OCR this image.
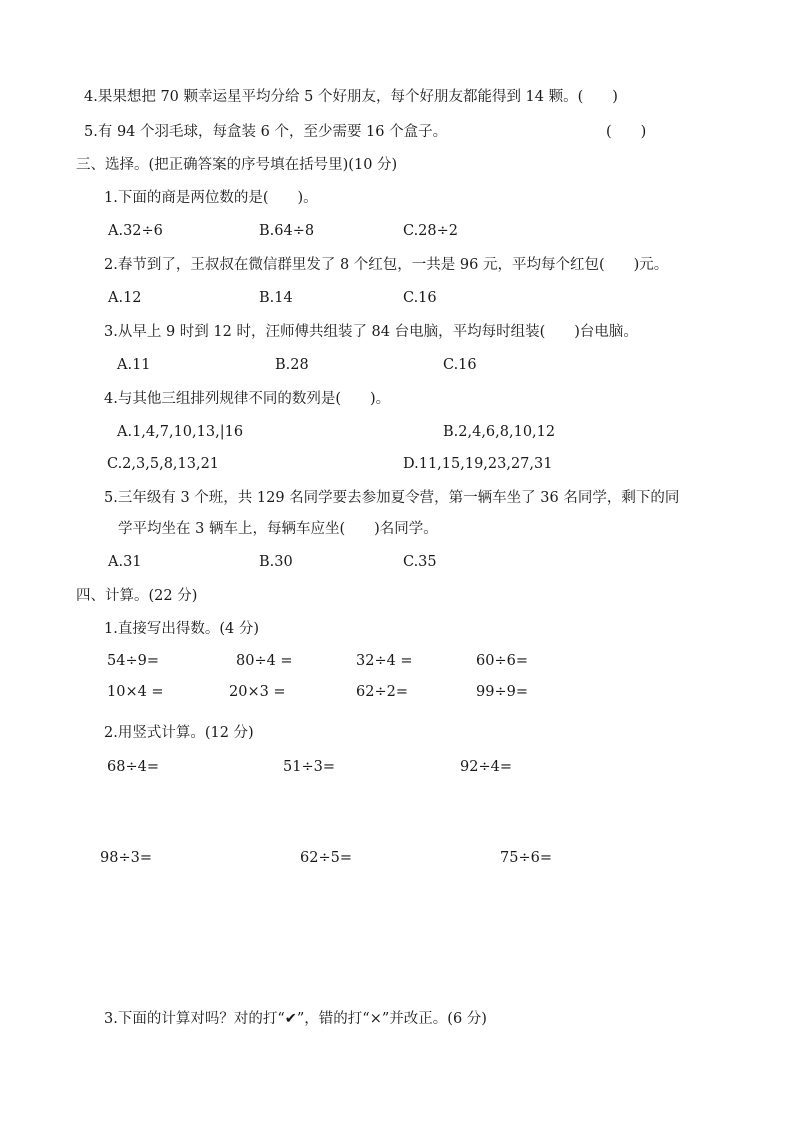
4.果果想把 70 颗幸运星平均分给 5 个好朋友，每个好朋友都能得到 14 颗。(　　)
5.有 94 个羽毛球，每盒装 6 个，至少需要 16 个盒子。	(　　)
三、选择。(把正确答案的序号填在括号里)(10 分)
1.下面的商是两位数的是(　　)。
A.32÷6	B.64÷8	C.28÷2
2.春节到了，王叔叔在微信群里发了 8 个红包，一共是 96 元，平均每个红包(　　)元。
A.12	B.14	C.16
3.从早上 9 时到 12 时，汪师傅共组装了 84 台电脑，平均每时组装(　　)台电脑。
A.11	B.28	C.16
4.与其他三组排列规律不同的数列是(　　)。
A.1,4,7,10,13,|16	B.2,4,6,8,10,12
C.2,3,5,8,13,21	D.11,15,19,23,27,31
5.三年级有 3 个班，共 129 名同学要去参加夏令营，第一辆车坐了 36 名同学，剩下的同
学平均坐在 3 辆车上，每辆车应坐(　　)名同学。
A.31	B.30	C.35
四、计算。(22 分)
1.直接写出得数。(4 分)
54÷9=	80÷4 =	32÷4 =	60÷6=
10×4 =	20×3 =	62÷2=	99÷9=
2.用竖式计算。(12 分)
68÷4=	51÷3=	92÷4=
98÷3=	62÷5=	75÷6=
3.下面的计算对吗？对的打“✔”，错的打“×”并改正。(6 分)
